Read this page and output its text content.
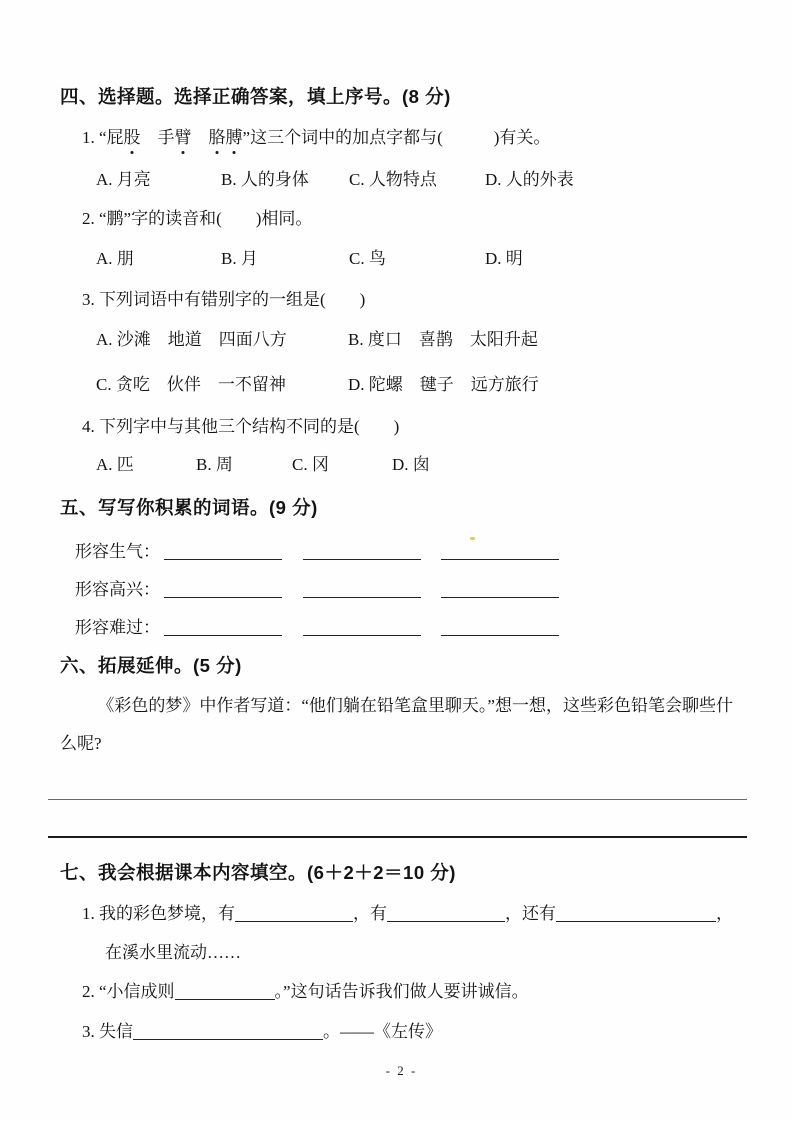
四、选择题。选择正确答案，填上序号。(8 分)
1. “屁股　手臂　 胳膊”这三个词中的加点字都与(　　　)有关。
A. 月亮	B. 人的身体	C. 人物特点	D. 人的外表
2. “鹏”字的读音和(　　)相同。
A. 朋	B. 月	C. 鸟	D. 明
3. 下列词语中有错别字的一组是(　　)
A. 沙滩　地道　四面八方	B. 度口　喜鹊　太阳升起
C. 贪吃　伙伴　一不留神	D. 陀螺　毽子　远方旅行
4. 下列字中与其他三个结构不同的是(　　)
A. 匹	B. 周	C. 冈	D. 囱
五、写写你积累的词语。(9 分)
形容生气：
形容高兴：
形容难过：
六、拓展延伸。(5 分)
《彩色的梦》中作者写道：“他们躺在铅笔盒里聊天。”想一想，这些彩色铅笔会聊些什么呢?
七、我会根据课本内容填空。(6＋2＋2＝10 分)
1. 我的彩色梦境，有	，有	，还有	，
在溪水里流动……
2. “小信成则	。”这句话告诉我们做人要讲诚信。
3. 失信	。——《左传》
- 2 -
